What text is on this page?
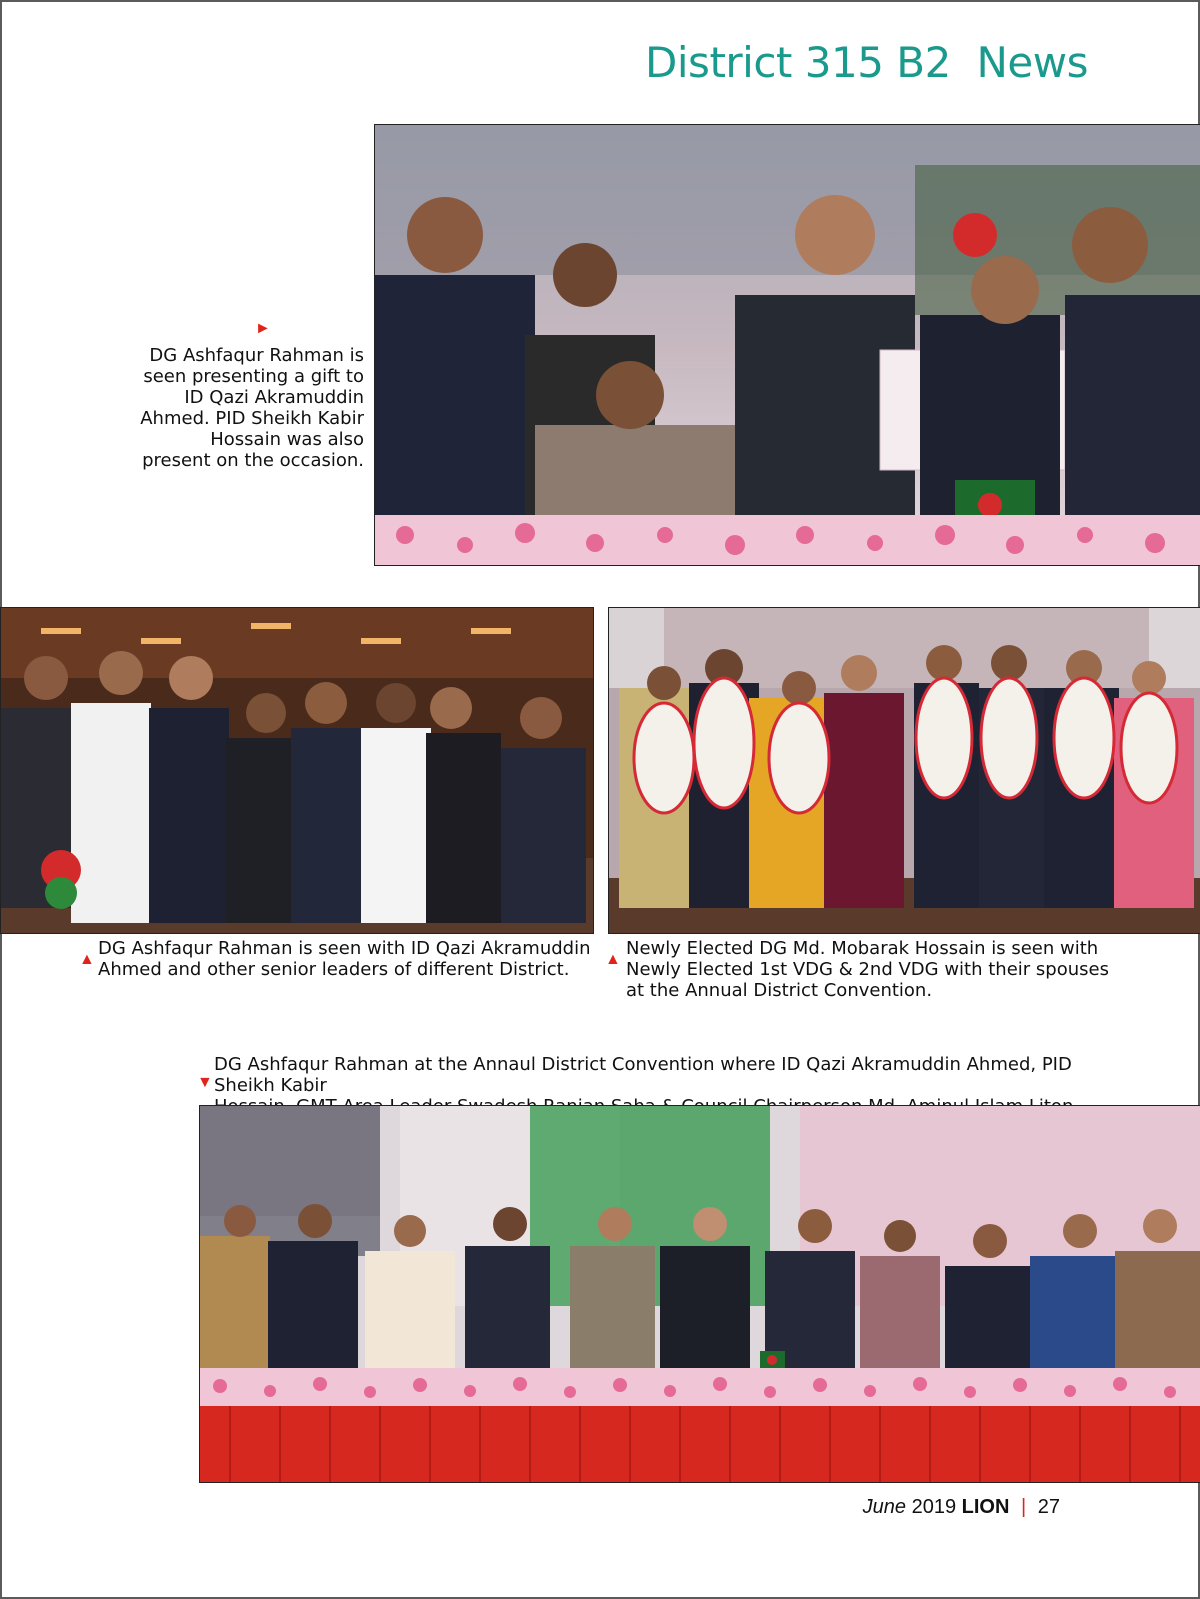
District 315 B2  News
►
DG Ashfaqur Rahman is
seen presenting a gift to
ID Qazi Akramuddin
Ahmed. PID Sheikh Kabir
Hossain was also
present on the occasion.
▲
DG Ashfaqur Rahman is seen with ID Qazi Akramuddin
Ahmed and other senior leaders of different District.	▲
Newly Elected DG Md. Mobarak Hossain is seen with
Newly Elected 1st VDG & 2nd VDG with their spouses
at the Annual District Convention.
▼
DG Ashfaqur Rahman at the Annaul District Convention where ID Qazi Akramuddin Ahmed, PID Sheikh Kabir
June 2019 LION | 27
